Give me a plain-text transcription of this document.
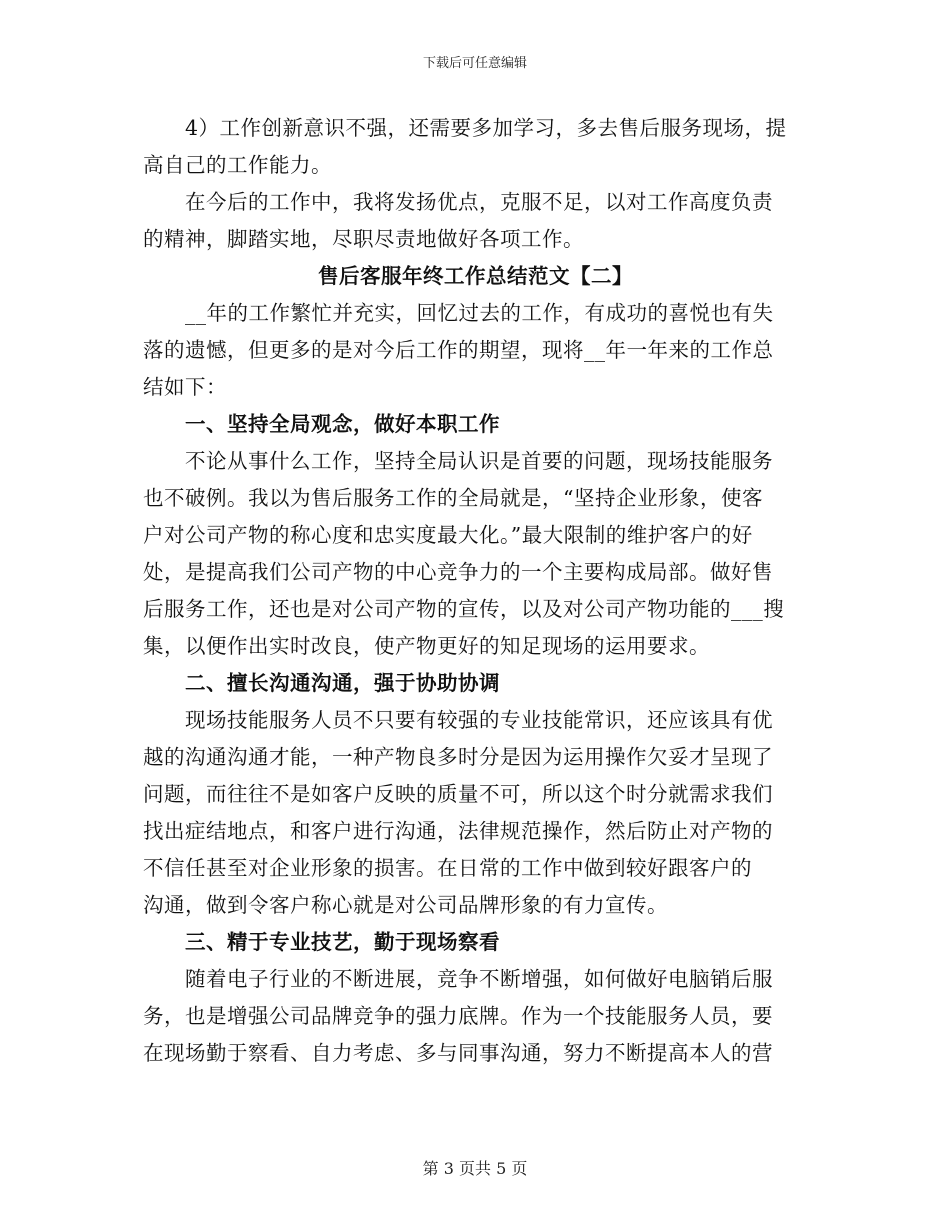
下载后可任意编辑
4）工作创新意识不强，还需要多加学习，多去售后服务现场，提
高自己的工作能力。
在今后的工作中，我将发扬优点，克服不足，以对工作高度负责
的精神，脚踏实地，尽职尽责地做好各项工作。
售后客服年终工作总结范文【二】
__年的工作繁忙并充实，回忆过去的工作，有成功的喜悦也有失
落的遗憾，但更多的是对今后工作的期望，现将__年一年来的工作总
结如下：
一、坚持全局观念，做好本职工作
不论从事什么工作，坚持全局认识是首要的问题，现场技能服务
也不破例。我以为售后服务工作的全局就是，“坚持企业形象，使客
户对公司产物的称心度和忠实度最大化。”最大限制的维护客户的好
处，是提高我们公司产物的中心竞争力的一个主要构成局部。做好售
后服务工作，还也是对公司产物的宣传，以及对公司产物功能的___搜
集，以便作出实时改良，使产物更好的知足现场的运用要求。
二、擅长沟通沟通，强于协助协调
现场技能服务人员不只要有较强的专业技能常识，还应该具有优
越的沟通沟通才能，一种产物良多时分是因为运用操作欠妥才呈现了
问题，而往往不是如客户反映的质量不可，所以这个时分就需求我们
找出症结地点，和客户进行沟通，法律规范操作，然后防止对产物的
不信任甚至对企业形象的损害。在日常的工作中做到较好跟客户的
沟通，做到令客户称心就是对公司品牌形象的有力宣传。
三、精于专业技艺，勤于现场察看
随着电子行业的不断进展，竞争不断增强，如何做好电脑销后服
务，也是增强公司品牌竞争的强力底牌。作为一个技能服务人员，要
在现场勤于察看、自力考虑、多与同事沟通，努力不断提高本人的营
第 3 页共 5 页
